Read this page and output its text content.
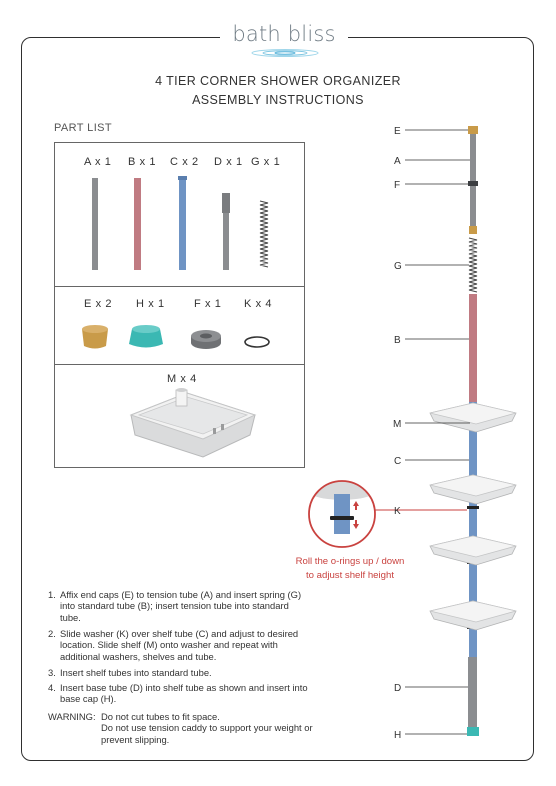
bath bliss
4 TIER CORNER SHOWER ORGANIZER
ASSEMBLY INSTRUCTIONS
PART LIST
A x 1 B x 1 C x 2 D x 1 G x 1
E x 2 H x 1	F x 1 K x 4
M x 4
E
A
F
G
B
M
C
K
D
H
Roll the o-rings up / down
to adjust shelf height
1. Affix end caps (E) to tension tube (A) and insert spring (G) into standard tube (B); insert tension tube into standard tube.
2. Slide washer (K) over shelf tube (C) and adjust to desired location. Slide shelf (M) onto washer and repeat with additional washers, shelves and tube.
3. Insert shelf tubes into standard tube.
4. Insert base tube (D) into shelf tube as shown and insert into base cap (H).
WARNING: Do not cut tubes to fit space.
Do not use tension caddy to support your weight or prevent slipping.
